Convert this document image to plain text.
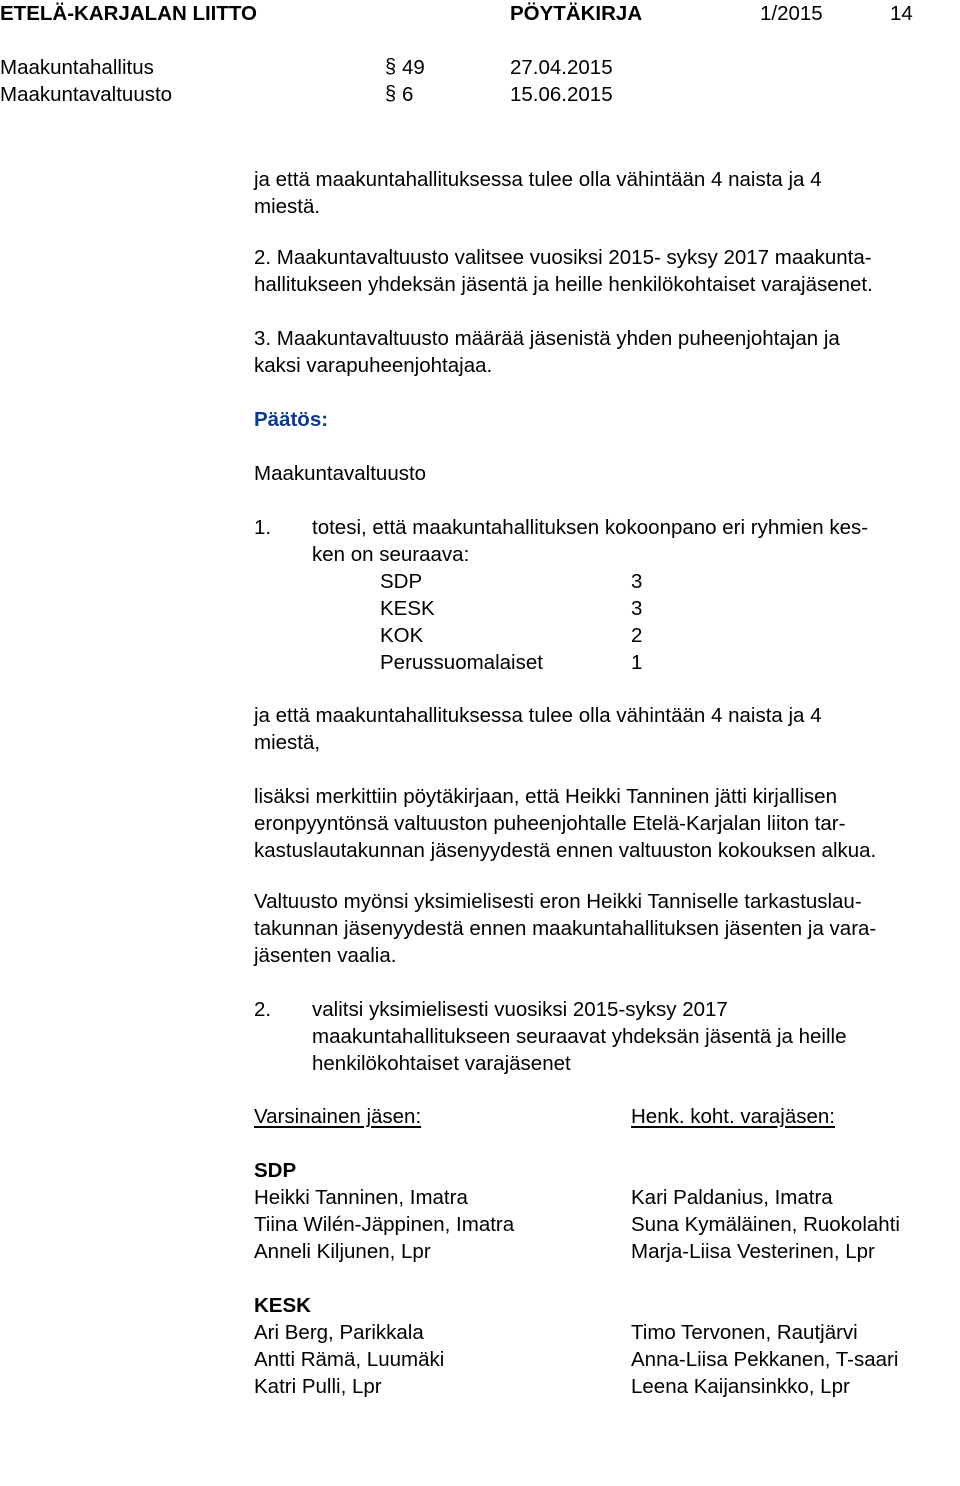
ETELÄ-KARJALAN LIITTO	PÖYTÄKIRJA	1/2015	14
Maakuntahallitus	§ 49	27.04.2015
Maakuntavaltuusto	§ 6	15.06.2015
ja että maakuntahallituksessa tulee olla vähintään 4 naista ja 4
miestä.
2. Maakuntavaltuusto valitsee vuosiksi 2015- syksy 2017 maakunta-
hallitukseen yhdeksän jäsentä ja heille henkilökohtaiset varajäsenet.
3. Maakuntavaltuusto määrää jäsenistä yhden puheenjohtajan ja
kaksi varapuheenjohtajaa.
Päätös:
Maakuntavaltuusto
1. totesi, että maakuntahallituksen kokoonpano eri ryhmien kes-
ken on seuraava:
SDP	3
KESK	3
KOK	2
Perussuomalaiset	1
ja että maakuntahallituksessa tulee olla vähintään 4 naista ja 4
miestä,
lisäksi merkittiin pöytäkirjaan, että Heikki Tanninen jätti kirjallisen
eronpyyntönsä valtuuston puheenjohtalle Etelä-Karjalan liiton tar-
kastuslautakunnan jäsenyydestä ennen valtuuston kokouksen alkua.
Valtuusto myönsi yksimielisesti eron Heikki Tanniselle tarkastuslau-
takunnan jäsenyydestä ennen maakuntahallituksen jäsenten ja vara-
jäsenten vaalia.
2. valitsi yksimielisesti vuosiksi 2015-syksy 2017
maakuntahallitukseen seuraavat yhdeksän jäsentä ja heille
henkilökohtaiset varajäsenet
Varsinainen jäsen:	Henk. koht. varajäsen:
SDP
Heikki Tanninen, Imatra	Kari Paldanius, Imatra
Tiina Wilén-Jäppinen, Imatra	Suna Kymäläinen, Ruokolahti
Anneli Kiljunen, Lpr	Marja-Liisa Vesterinen, Lpr
KESK
Ari Berg, Parikkala	Timo Tervonen, Rautjärvi
Antti Rämä, Luumäki	Anna-Liisa Pekkanen, T-saari
Katri Pulli, Lpr	Leena Kaijansinkko, Lpr
